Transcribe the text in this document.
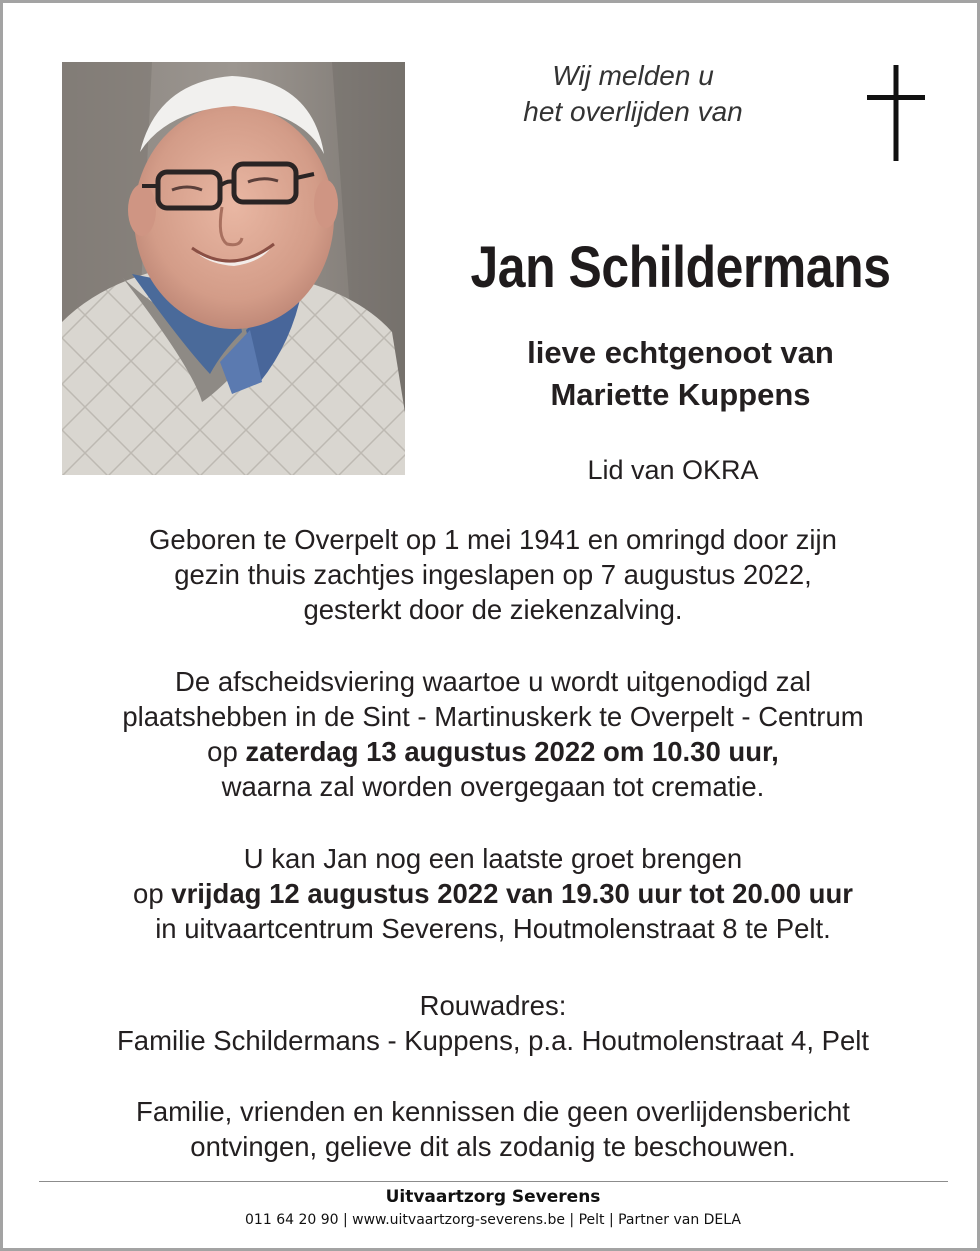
Wij melden u
het overlijden van
Jan Schildermans
lieve echtgenoot van
Mariette Kuppens
Lid van OKRA
Geboren te Overpelt op 1 mei 1941 en omringd door zijn
gezin thuis zachtjes ingeslapen op 7 augustus 2022,
gesterkt door de ziekenzalving.
De afscheidsviering waartoe u wordt uitgenodigd zal
plaatshebben in de Sint - Martinuskerk te Overpelt - Centrum
op zaterdag 13 augustus 2022 om 10.30 uur,
waarna zal worden overgegaan tot crematie.
U kan Jan nog een laatste groet brengen
op vrijdag 12 augustus 2022 van 19.30 uur tot 20.00 uur
in uitvaartcentrum Severens, Houtmolenstraat 8 te Pelt.
Rouwadres:
Familie Schildermans - Kuppens, p.a. Houtmolenstraat 4, Pelt
Familie, vrienden en kennissen die geen overlijdensbericht
ontvingen, gelieve dit als zodanig te beschouwen.
Uitvaartzorg Severens
011 64 20 90 | www.uitvaartzorg-severens.be | Pelt | Partner van DELA
